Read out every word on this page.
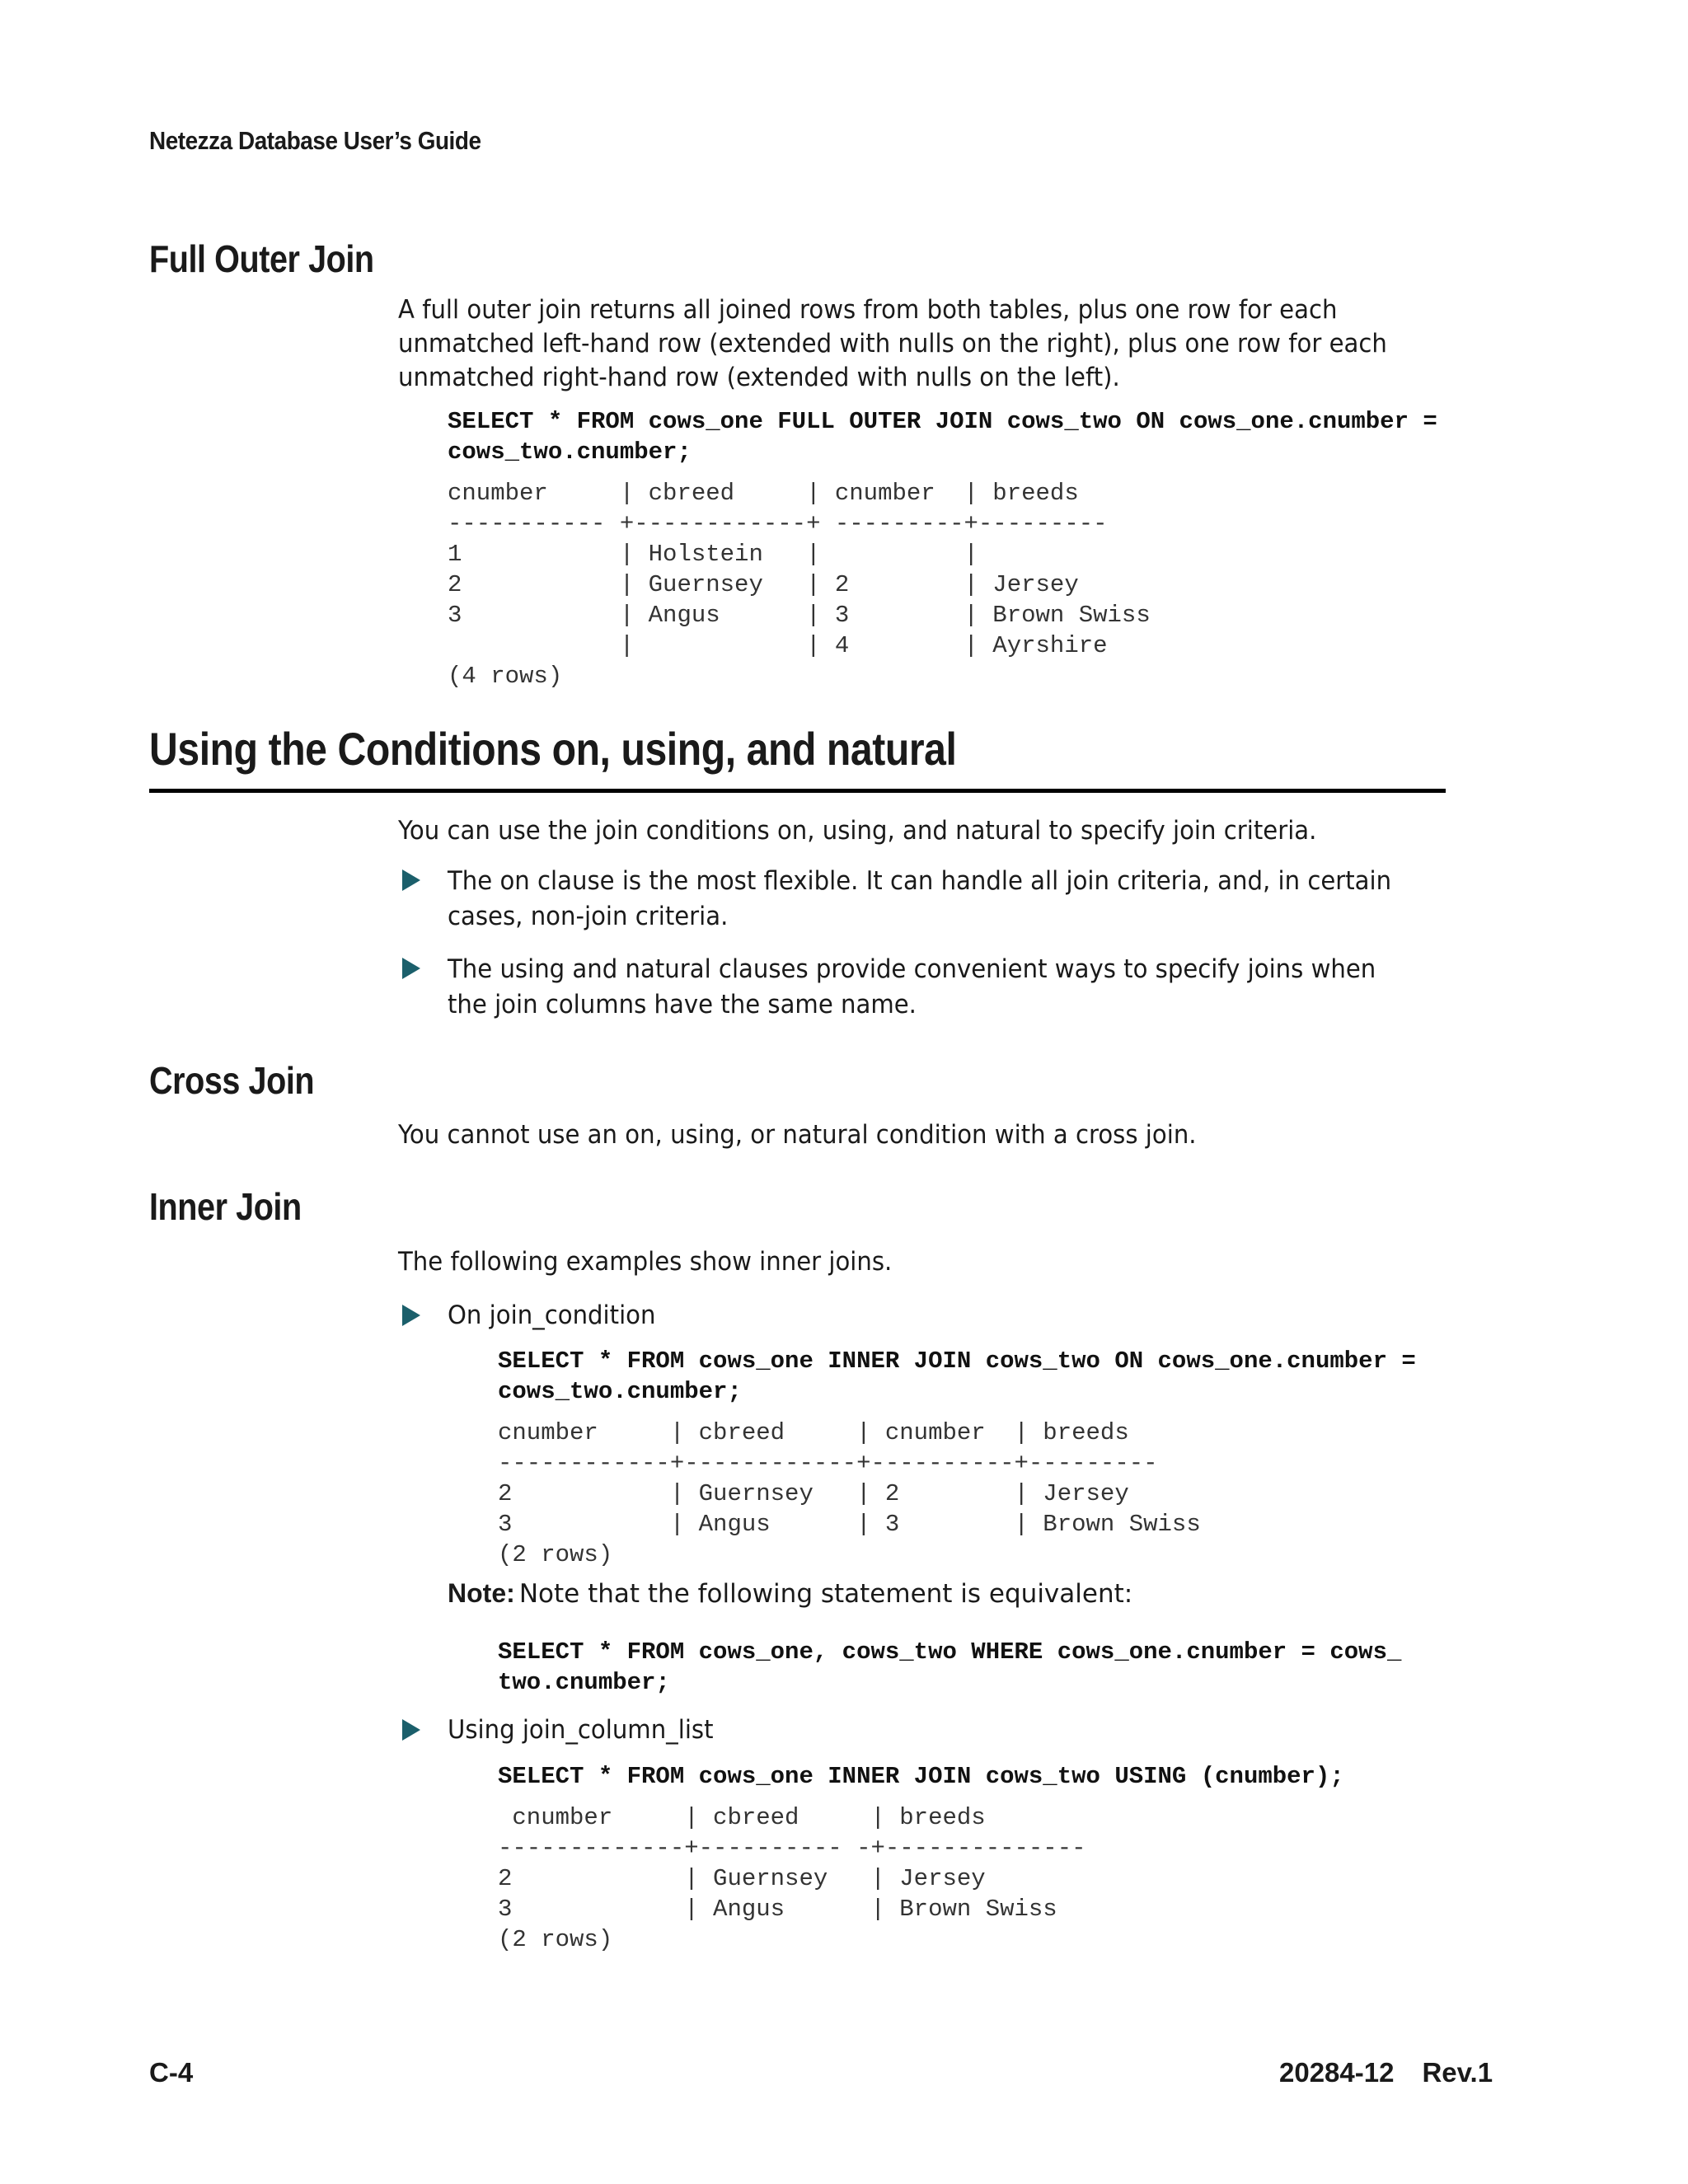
Netezza Database User’s Guide
Full Outer Join

A full outer join returns all joined rows from both tables, plus one row for each unmatched left-hand row (extended with nulls on the right), plus one row for each unmatched right-hand row (extended with nulls on the left).

SELECT * FROM cows_one FULL OUTER JOIN cows_two ON cows_one.cnumber =
cows_two.cnumber;
cnumber     | cbreed     | cnumber  | breeds
----------- +------------+ ---------+---------
1           | Holstein   |          |
2           | Guernsey   | 2        | Jersey
3           | Angus      | 3        | Brown Swiss
|            | 4        | Ayrshire
(4 rows)
Using the Conditions on, using, and natural

You can use the join conditions on, using, and natural to specify join criteria.

The on clause is the most flexible. It can handle all join criteria, and, in certain cases, non-join criteria.

The using and natural clauses provide convenient ways to specify joins when the join columns have the same name.

Cross Join

You cannot use an on, using, or natural condition with a cross join.

Inner Join

The following examples show inner joins.

On join_condition

SELECT * FROM cows_one INNER JOIN cows_two ON cows_one.cnumber =
cows_two.cnumber;
cnumber     | cbreed     | cnumber  | breeds
------------+------------+----------+---------
2           | Guernsey   | 2        | Jersey
3           | Angus      | 3        | Brown Swiss
(2 rows)
Note: Note that the following statement is equivalent:
SELECT * FROM cows_one, cows_two WHERE cows_one.cnumber = cows_
two.cnumber;

Using join_column_list

SELECT * FROM cows_one INNER JOIN cows_two USING (cnumber);
cnumber     | cbreed     | breeds
-------------+---------- -+--------------
2            | Guernsey   | Jersey
3            | Angus      | Brown Swiss
(2 rows)
C-4	20284-12 Rev.1
